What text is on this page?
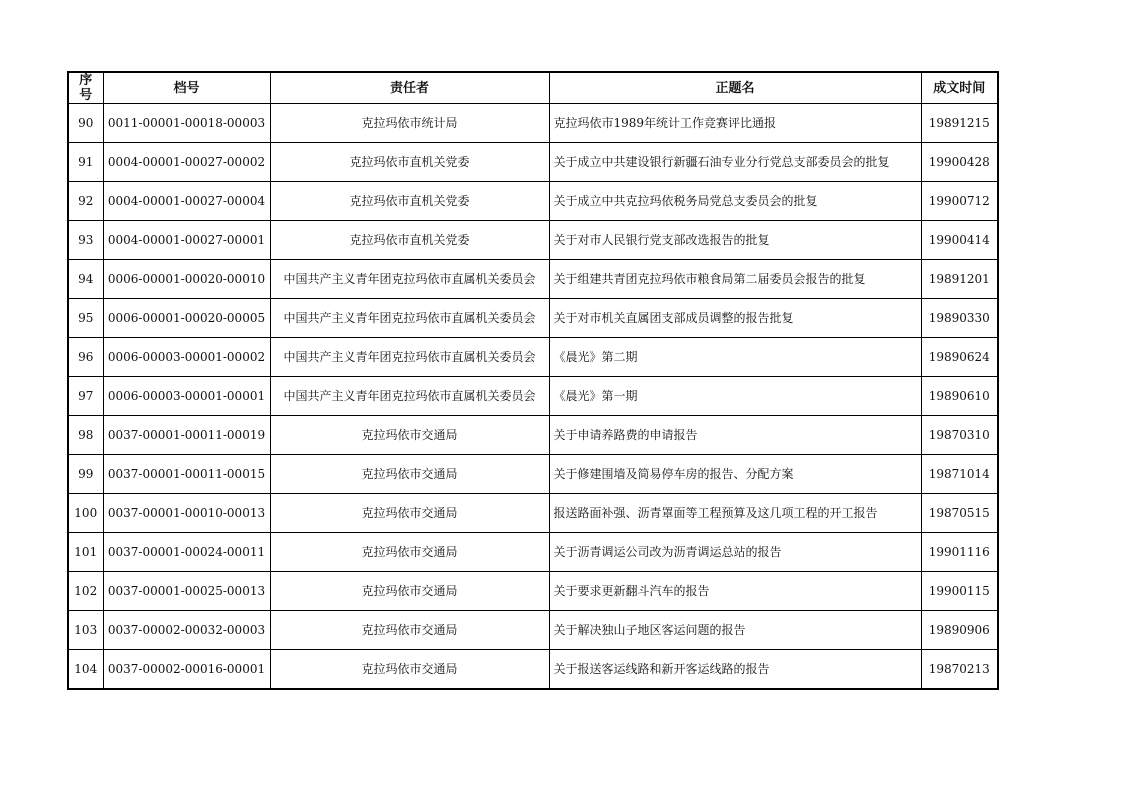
序号	档号	责任者	正题名	成文时间
90	0011-00001-00018-00003	克拉玛依市统计局	克拉玛依市1989年统计工作竞赛评比通报	19891215
91	0004-00001-00027-00002	克拉玛依市直机关党委	关于成立中共建设银行新疆石油专业分行党总支部委员会的批复	19900428
92	0004-00001-00027-00004	克拉玛依市直机关党委	关于成立中共克拉玛依税务局党总支委员会的批复	19900712
93	0004-00001-00027-00001	克拉玛依市直机关党委	关于对市人民银行党支部改选报告的批复	19900414
94	0006-00001-00020-00010	中国共产主义青年团克拉玛依市直属机关委员会	关于组建共青团克拉玛依市粮食局第二届委员会报告的批复	19891201
95	0006-00001-00020-00005	中国共产主义青年团克拉玛依市直属机关委员会	关于对市机关直属团支部成员调整的报告批复	19890330
96	0006-00003-00001-00002	中国共产主义青年团克拉玛依市直属机关委员会	《晨光》第二期	19890624
97	0006-00003-00001-00001	中国共产主义青年团克拉玛依市直属机关委员会	《晨光》第一期	19890610
98	0037-00001-00011-00019	克拉玛依市交通局	关于申请养路费的申请报告	19870310
99	0037-00001-00011-00015	克拉玛依市交通局	关于修建围墙及简易停车房的报告、分配方案	19871014
100	0037-00001-00010-00013	克拉玛依市交通局	报送路面补强、沥青罩面等工程预算及这几项工程的开工报告	19870515
101	0037-00001-00024-00011	克拉玛依市交通局	关于沥青调运公司改为沥青调运总站的报告	19901116
102	0037-00001-00025-00013	克拉玛依市交通局	关于要求更新翻斗汽车的报告	19900115
103	0037-00002-00032-00003	克拉玛依市交通局	关于解决独山子地区客运问题的报告	19890906
104	0037-00002-00016-00001	克拉玛依市交通局	关于报送客运线路和新开客运线路的报告	19870213
